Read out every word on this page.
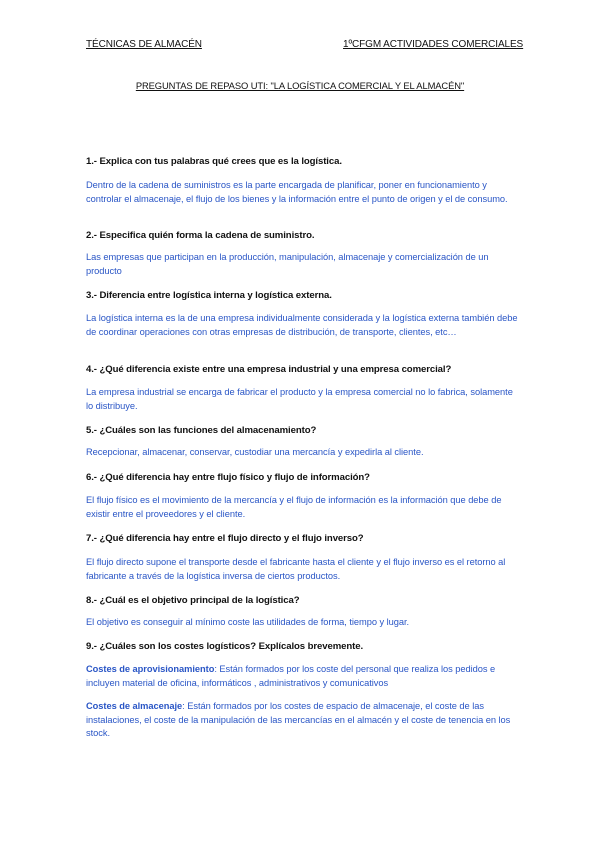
TÉCNICAS DE ALMACÉN	1ºCFGM ACTIVIDADES COMERCIALES
PREGUNTAS DE REPASO UTI: "LA LOGÍSTICA COMERCIAL Y EL ALMACÉN"
1.- Explica con tus palabras qué crees que es la logística.
Dentro de la cadena de suministros es la parte encargada de planificar, poner en funcionamiento y controlar el almacenaje, el flujo de los bienes y la información entre el punto de origen y el de consumo.
2.- Especifica quién forma la cadena de suministro.
Las empresas que participan en la producción, manipulación, almacenaje y comercialización de un producto
3.- Diferencia entre logística interna y logística externa.
La logística interna es la de una empresa individualmente considerada y la logística externa también debe de coordinar operaciones con otras empresas de distribución, de transporte, clientes, etc…
4.- ¿Qué diferencia existe entre una empresa industrial y una empresa comercial?
La empresa industrial se encarga de fabricar el producto y la empresa comercial no lo fabrica, solamente lo distribuye.
5.- ¿Cuáles son las funciones del almacenamiento?
Recepcionar, almacenar, conservar, custodiar una mercancía y expedirla al cliente.
6.- ¿Qué diferencia hay entre flujo físico y flujo de información?
El flujo físico es el movimiento de la mercancía y el flujo de información es la información que debe de existir entre el proveedores y el cliente.
7.- ¿Qué diferencia hay entre el flujo directo y el flujo inverso?
El flujo directo supone el transporte desde el fabricante hasta el cliente y el flujo inverso es el retorno al fabricante a través de la logística inversa de ciertos productos.
8.- ¿Cuál es el objetivo principal de la logística?
El objetivo es conseguir al mínimo coste las utilidades de forma, tiempo y lugar.
9.- ¿Cuáles son los costes logísticos? Explícalos brevemente.
Costes de aprovisionamiento: Están formados por los coste del personal que realiza los pedidos e incluyen material de oficina, informáticos , administrativos y comunicativos
Costes de almacenaje: Están formados por los costes de espacio de almacenaje, el coste de las instalaciones, el coste de la manipulación de las mercancías en el almacén y el coste de tenencia en los stock.
